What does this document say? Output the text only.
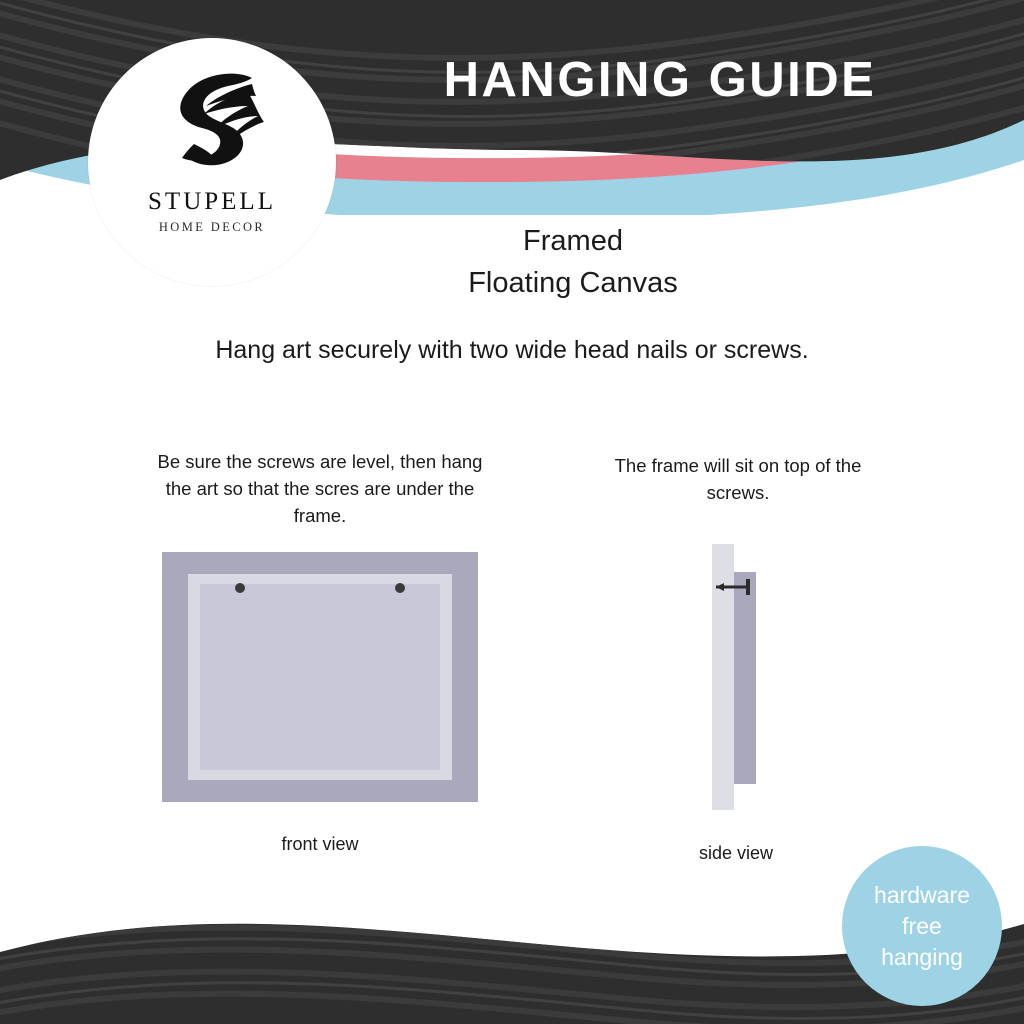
STUPELL
HOME DECOR
HANGING GUIDE
Framed
Floating Canvas
Hang art securely with two wide head nails or screws.
Be sure the screws are level, then hang the art so that the scres are under the frame.
The frame will sit on top of the screws.
front view	side view
hardware
free
hanging
